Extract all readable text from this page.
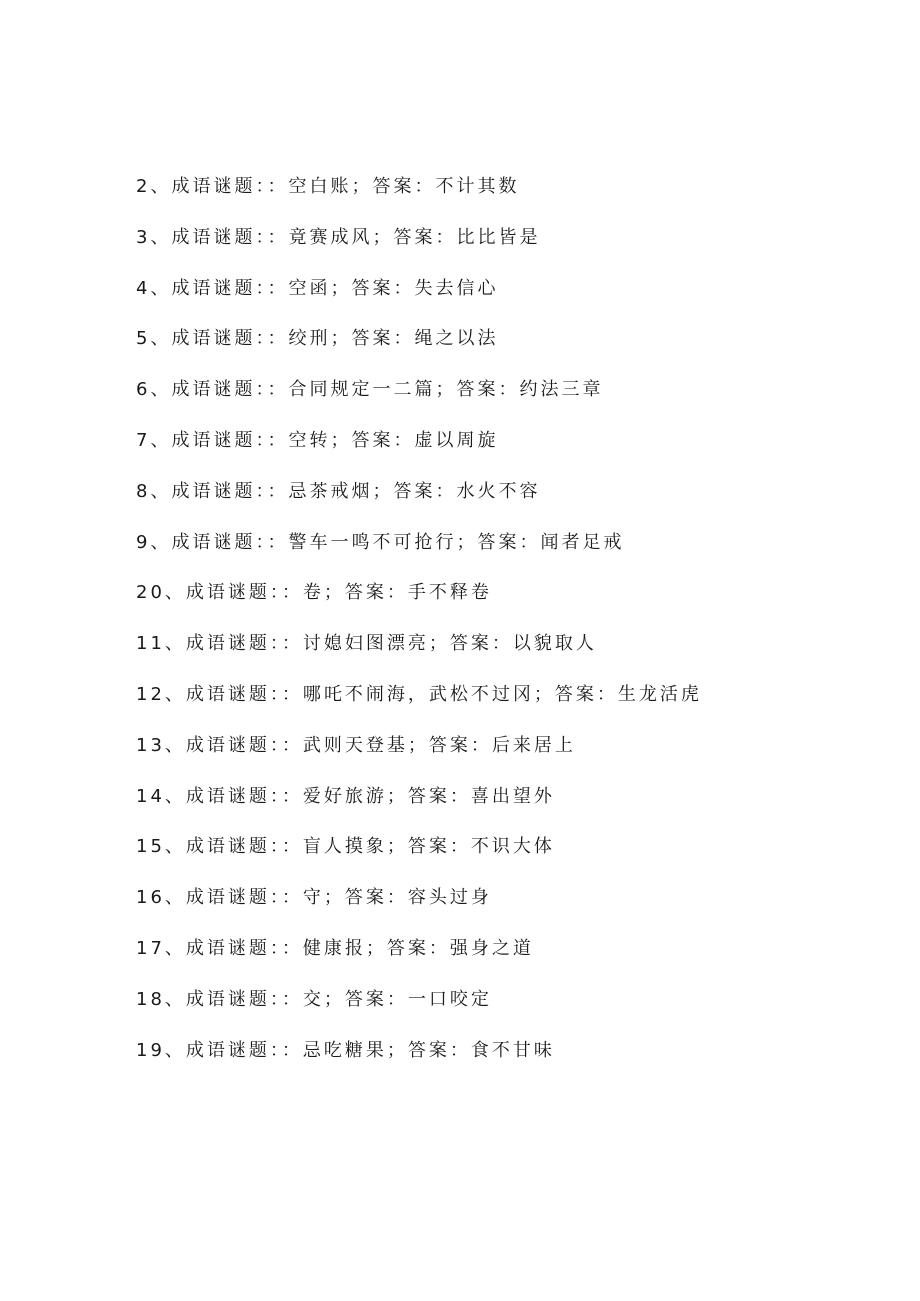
2、成语谜题：：空白账；答案：不计其数
3、成语谜题：：竟赛成风；答案：比比皆是
4、成语谜题：：空函；答案：失去信心
5、成语谜题：：绞刑；答案：绳之以法
6、成语谜题：：合同规定一二篇；答案：约法三章
7、成语谜题：：空转；答案：虚以周旋
8、成语谜题：：忌茶戒烟；答案：水火不容
9、成语谜题：：警车一鸣不可抢行；答案：闻者足戒
20、成语谜题：：卷；答案：手不释卷
11、成语谜题：：讨媳妇图漂亮；答案：以貌取人
12、成语谜题：：哪吒不闹海，武松不过冈；答案：生龙活虎
13、成语谜题：：武则天登基；答案：后来居上
14、成语谜题：：爱好旅游；答案：喜出望外
15、成语谜题：：盲人摸象；答案：不识大体
16、成语谜题：：守；答案：容头过身
17、成语谜题：：健康报；答案：强身之道
18、成语谜题：：交；答案：一口咬定
19、成语谜题：：忌吃糖果；答案：食不甘味
